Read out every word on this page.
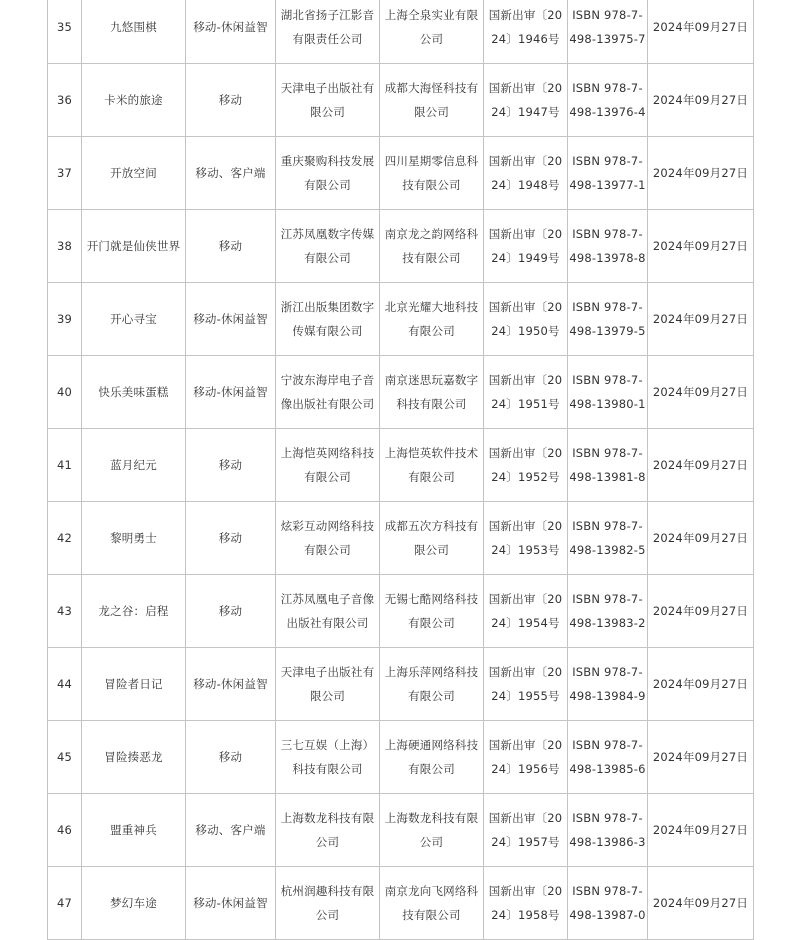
35	九悠围棋	移动-休闲益智	湖北省扬子江影音有限责任公司	上海仝泉实业有限公司	国新出审〔2024〕1946号	ISBN 978-7-498-13975-7	2024年09月27日
36	卡米的旅途	移动	天津电子出版社有限公司	成都大海怪科技有限公司	国新出审〔2024〕1947号	ISBN 978-7-498-13976-4	2024年09月27日
37	开放空间	移动、客户端	重庆聚购科技发展有限公司	四川星期零信息科技有限公司	国新出审〔2024〕1948号	ISBN 978-7-498-13977-1	2024年09月27日
38	开门就是仙侠世界	移动	江苏凤凰数字传媒有限公司	南京龙之韵网络科技有限公司	国新出审〔2024〕1949号	ISBN 978-7-498-13978-8	2024年09月27日
39	开心寻宝	移动-休闲益智	浙江出版集团数字传媒有限公司	北京光耀大地科技有限公司	国新出审〔2024〕1950号	ISBN 978-7-498-13979-5	2024年09月27日
40	快乐美味蛋糕	移动-休闲益智	宁波东海岸电子音像出版社有限公司	南京迷思玩嘉数字科技有限公司	国新出审〔2024〕1951号	ISBN 978-7-498-13980-1	2024年09月27日
41	蓝月纪元	移动	上海恺英网络科技有限公司	上海恺英软件技术有限公司	国新出审〔2024〕1952号	ISBN 978-7-498-13981-8	2024年09月27日
42	黎明勇士	移动	炫彩互动网络科技有限公司	成都五次方科技有限公司	国新出审〔2024〕1953号	ISBN 978-7-498-13982-5	2024年09月27日
43	龙之谷：启程	移动	江苏凤凰电子音像出版社有限公司	无锡七酷网络科技有限公司	国新出审〔2024〕1954号	ISBN 978-7-498-13983-2	2024年09月27日
44	冒险者日记	移动-休闲益智	天津电子出版社有限公司	上海乐萍网络科技有限公司	国新出审〔2024〕1955号	ISBN 978-7-498-13984-9	2024年09月27日
45	冒险揍恶龙	移动	三七互娱（上海）科技有限公司	上海硬通网络科技有限公司	国新出审〔2024〕1956号	ISBN 978-7-498-13985-6	2024年09月27日
46	盟重神兵	移动、客户端	上海数龙科技有限公司	上海数龙科技有限公司	国新出审〔2024〕1957号	ISBN 978-7-498-13986-3	2024年09月27日
47	梦幻车途	移动-休闲益智	杭州润趣科技有限公司	南京龙向飞网络科技有限公司	国新出审〔2024〕1958号	ISBN 978-7-498-13987-0	2024年09月27日
